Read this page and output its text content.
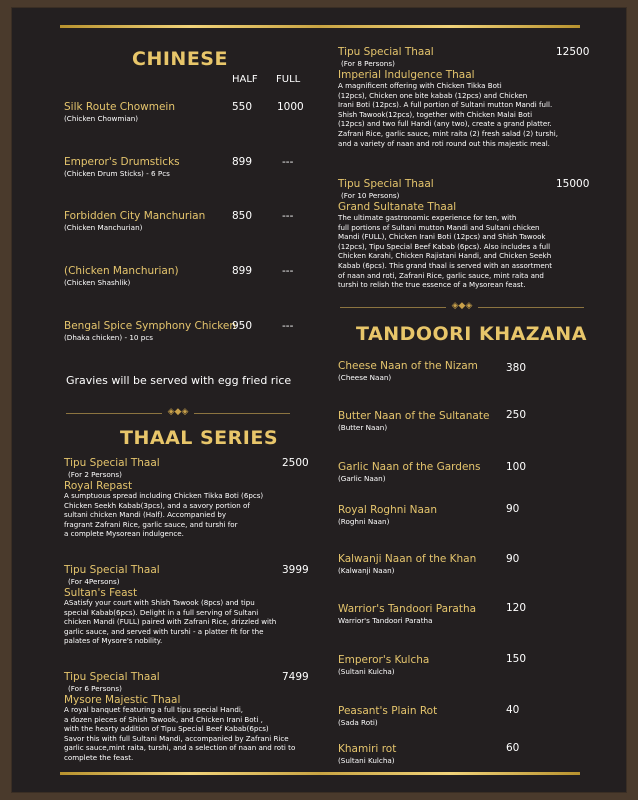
CHINESE
HALF FULL
Silk Route Chowmein
(Chicken Chowmian)
550 1000
Emperor's Drumsticks
(Chicken Drum Sticks) - 6 Pcs
899	---
Forbidden City Manchurian
(Chicken Manchurian)
850	---
(Chicken Manchurian)
(Chicken Shashlik)
899	---
Bengal Spice Symphony Chicken
(Dhaka chicken) - 10 pcs
950	---
Gravies will be served with egg fried rice
◈◆◈
THAAL SERIES
Tipu Special Thaal
(For 2 Persons)
2500
Royal Repast
A sumptuous spread including Chicken Tikka Boti (6pcs)
Chicken Seekh Kabab(3pcs), and a savory portion of
sultani chicken Mandi (Half). Accompanied by
fragrant Zafrani Rice, garlic sauce, and turshi for
a complete Mysorean indulgence.
Tipu Special Thaal
(For 4Persons)
3999
Sultan's Feast
ASatisfy your court with Shish Tawook (8pcs) and tipu
special Kabab(6pcs). Delight in a full serving of Sultani
chicken Mandi (FULL) paired with Zafrani Rice, drizzled with
garlic sauce, and served with turshi - a platter fit for the
palates of Mysore's nobility.
Tipu Special Thaal
(For 6 Persons)
7499
Mysore Majestic Thaal
A royal banquet featuring a full tipu special Handi,
a dozen pieces of Shish Tawook, and Chicken Irani Boti ,
with the hearty addition of Tipu Special Beef Kabab(6pcs)
Savor this with full Sultani Mandi, accompanied by Zafrani Rice
garlic sauce,mint raita, turshi, and a selection of naan and roti to
complete the feast.
Tipu Special Thaal
(For 8 Persons)
12500
Imperial Indulgence Thaal
A magnificent offering with Chicken Tikka Boti
(12pcs), Chicken one bite kabab (12pcs) and Chicken
Irani Boti (12pcs). A full portion of Sultani mutton Mandi full.
Shish Tawook(12pcs), together with Chicken Malai Boti
(12pcs) and two full Handi (any two), create a grand platter.
Zafrani Rice, garlic sauce, mint raita (2) fresh salad (2) turshi,
and a variety of naan and roti round out this majestic meal.
Tipu Special Thaal
(For 10 Persons)
15000
Grand Sultanate Thaal
The ultimate gastronomic experience for ten, with
full portions of Sultani mutton Mandi and Sultani chicken
Mandi (FULL), Chicken Irani Boti (12pcs) and Shish Tawook
(12pcs), Tipu Special Beef Kabab (6pcs). Also includes a full
Chicken Karahi, Chicken Rajistani Handi, and Chicken Seekh
Kabab (6pcs). This grand thaal is served with an assortment
of naan and roti, Zafrani Rice, garlic sauce, mint raita and
turshi to relish the true essence of a Mysorean feast.
◈◆◈
TANDOORI KHAZANA
Cheese Naan of the Nizam
(Cheese Naan)
380
Butter Naan of the Sultanate
(Butter Naan)
250
Garlic Naan of the Gardens
(Garlic Naan)
100
Royal Roghni Naan
(Roghni Naan)
90
Kalwanji Naan of the Khan
(Kalwanji Naan)
90
Warrior's Tandoori Paratha
Warrior's Tandoori Paratha
120
Emperor's Kulcha
(Sultani Kulcha)
150
Peasant's Plain Rot
(Sada Roti)
40
Khamiri rot
(Sultani Kulcha)
60
